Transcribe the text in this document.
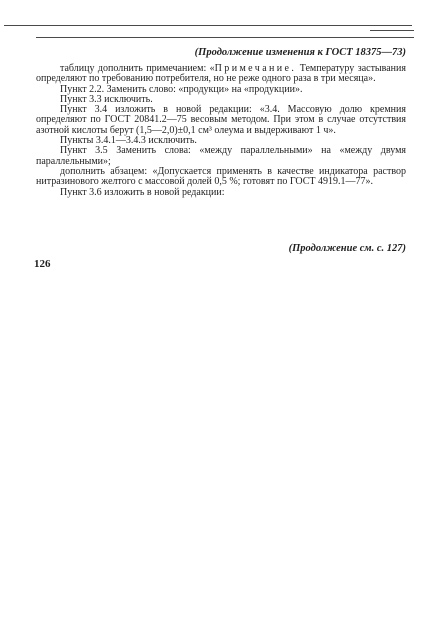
(Продолжение изменения к ГОСТ 18375—73)

таблицу дополнить примечанием: «Примечание. Температуру застывания определяют по требованию потребителя, но не реже одного раза в три месяца».

Пункт 2.2. Заменить слово: «продукци» на «продукции».

Пункт 3.3 исключить.

Пункт 3.4 изложить в новой редакции: «3.4. Массовую долю кремния определяют по ГОСТ 20841.2—75 весовым методом. При этом в случае отсутствия азотной кислоты берут (1,5—2,0)±0,1 см³ олеума и выдерживают 1 ч».

Пункты 3.4.1—3.4.3 исключить.

Пункт 3.5 Заменить слова: «между параллельными» на «между двумя параллельными»;

дополнить абзацем: «Допускается применять в качестве индикатора раствор нитразинового желтого с массовой долей 0,5 %; готовят по ГОСТ 4919.1—77».

Пункт 3.6 изложить в новой редакции:

(Продолжение см. с. 127)
126
